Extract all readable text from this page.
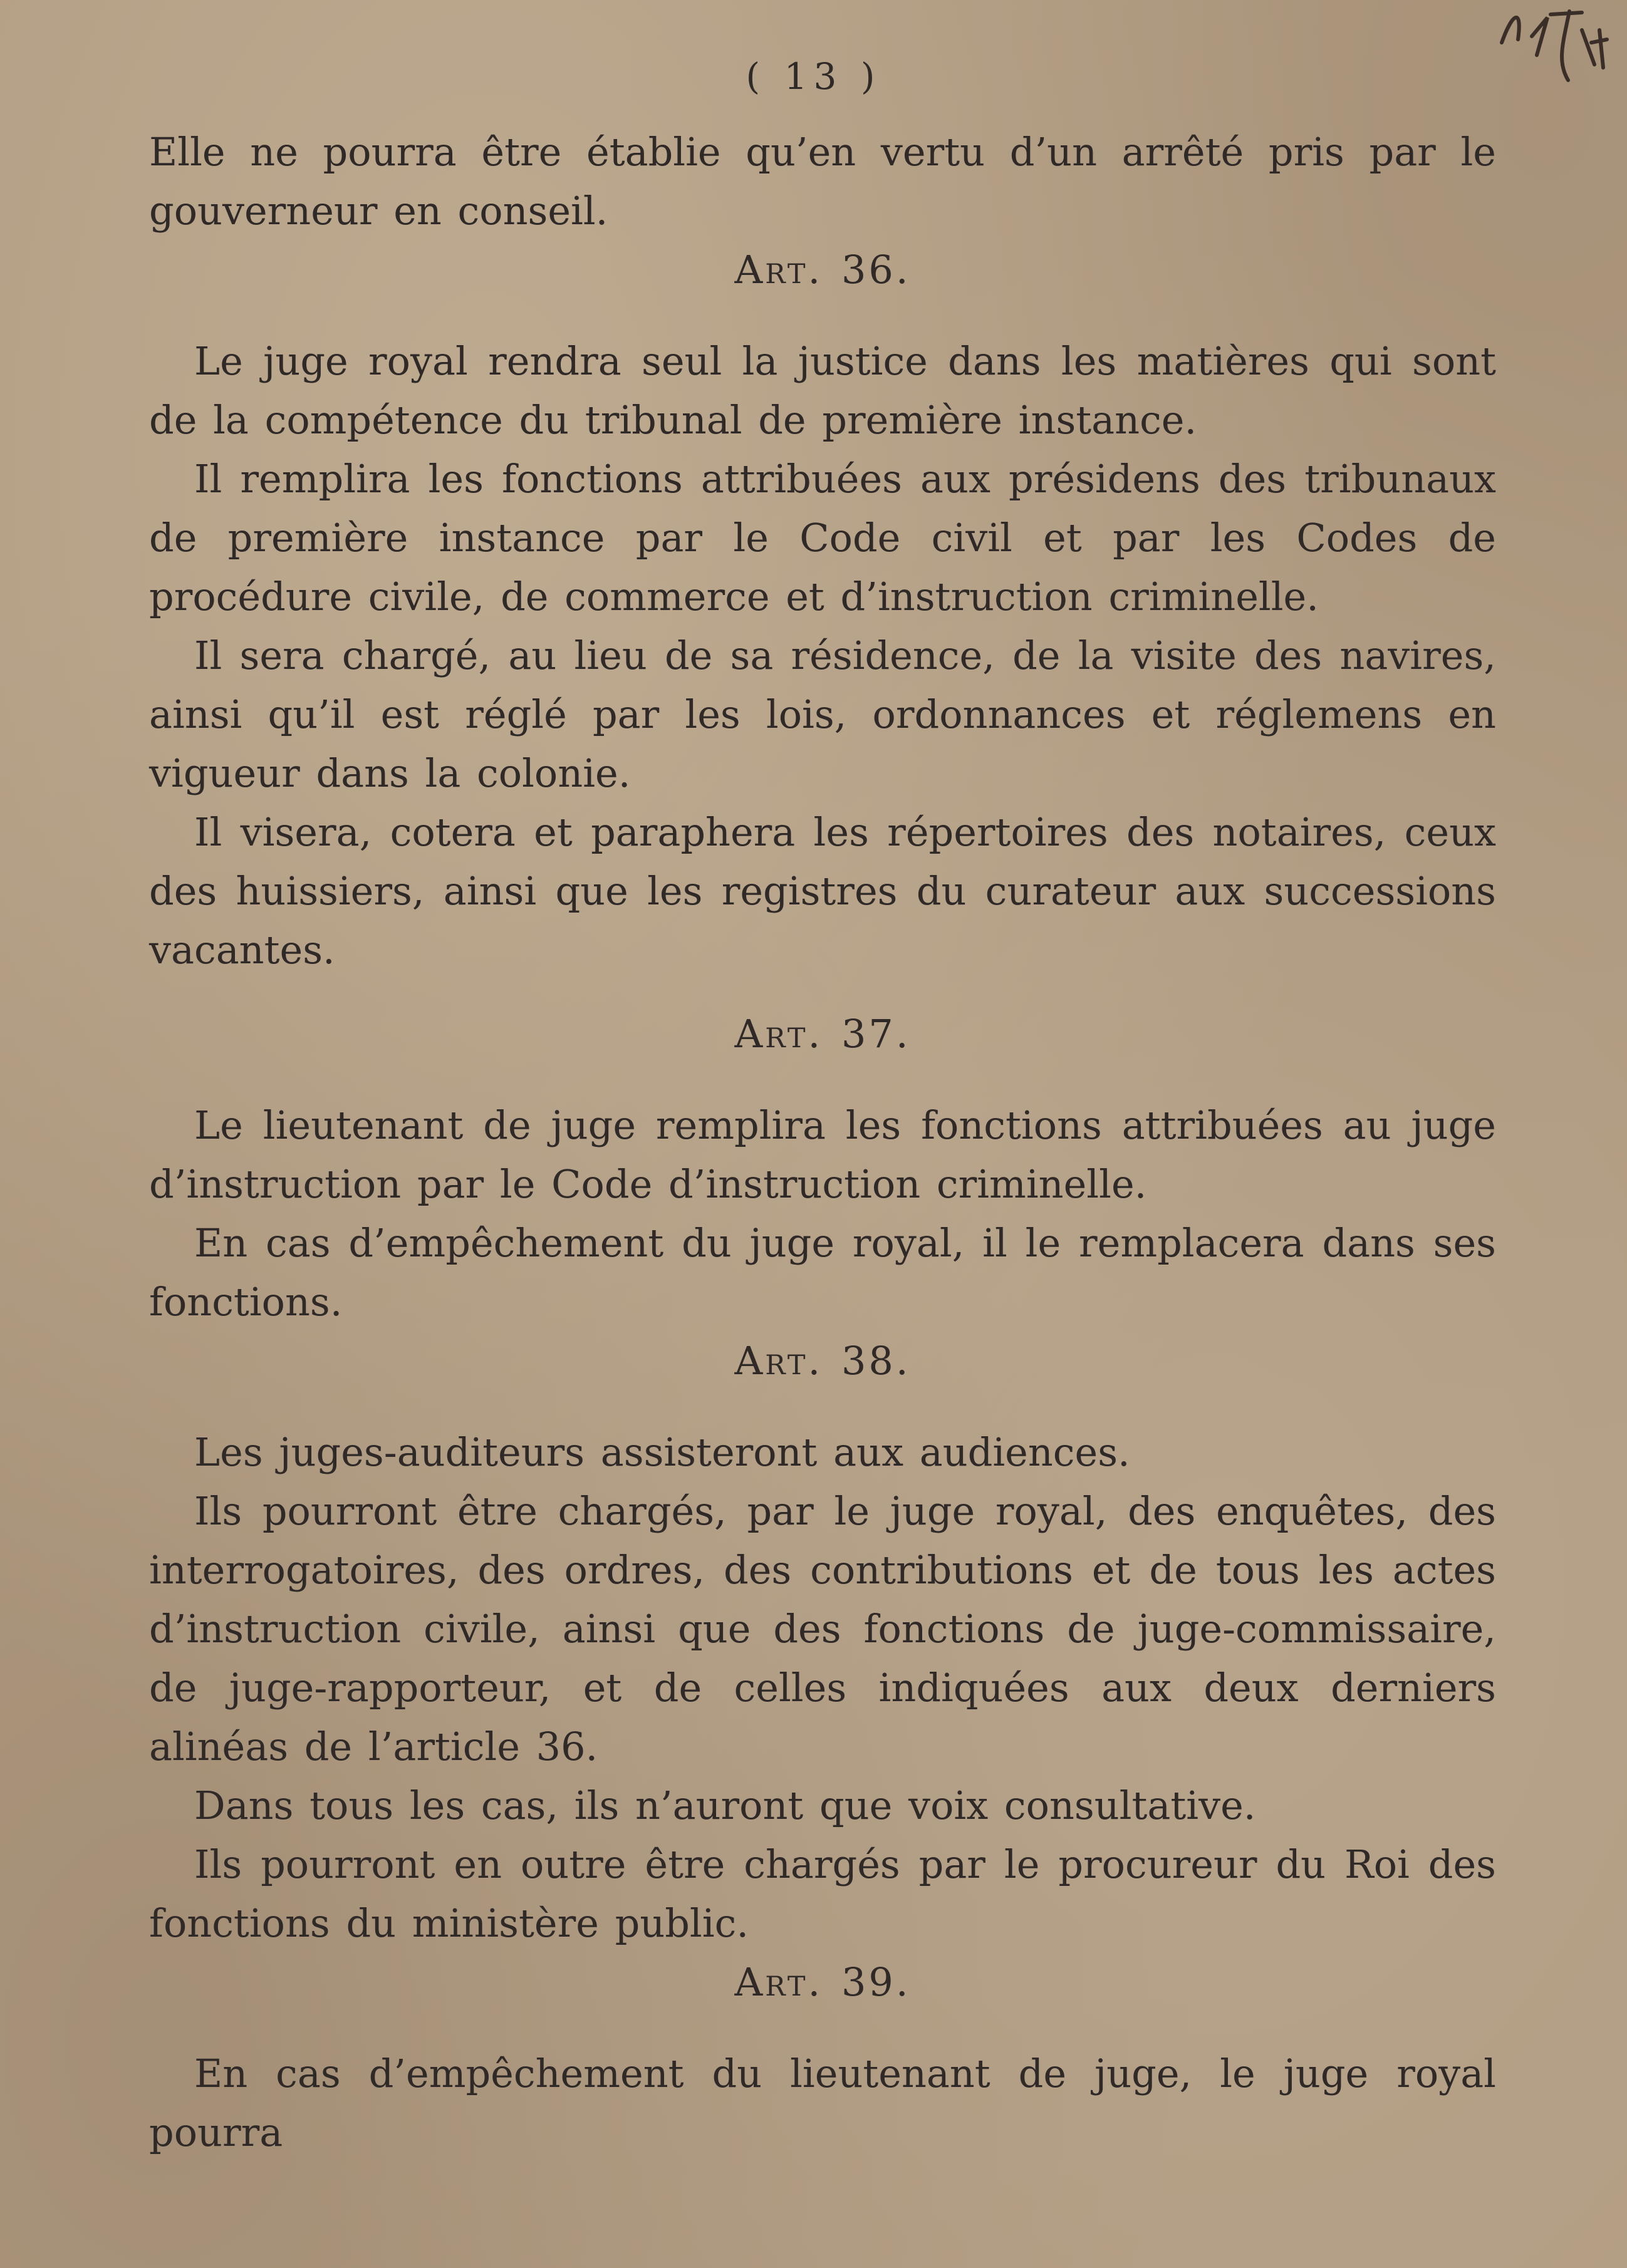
( 13 )

Elle ne pourra être établie qu’en vertu d’un arrêté pris par le gouverneur en conseil.

Art. 36.

Le juge royal rendra seul la justice dans les matières qui sont de la compétence du tribunal de première instance.

Il remplira les fonctions attribuées aux présidens des tribunaux de première instance par le Code civil et par les Codes de procédure civile, de commerce et d’instruction criminelle.

Il sera chargé, au lieu de sa résidence, de la visite des navires, ainsi qu’il est réglé par les lois, ordonnances et réglemens en vigueur dans la colonie.

Il visera, cotera et paraphera les répertoires des notaires, ceux des huissiers, ainsi que les registres du curateur aux successions vacantes.

Art. 37.

Le lieutenant de juge remplira les fonctions attribuées au juge d’instruction par le Code d’instruction criminelle.

En cas d’empêchement du juge royal, il le remplacera dans ses fonctions.

Art. 38.

Les juges-auditeurs assisteront aux audiences.

Ils pourront être chargés, par le juge royal, des enquêtes, des interrogatoires, des ordres, des contributions et de tous les actes d’instruction civile, ainsi que des fonctions de juge-commissaire, de juge-rapporteur, et de celles indiquées aux deux derniers alinéas de l’article 36.

Dans tous les cas, ils n’auront que voix consultative.

Ils pourront en outre être chargés par le procureur du Roi des fonctions du ministère public.

Art. 39.

En cas d’empêchement du lieutenant de juge, le juge royal pourra
